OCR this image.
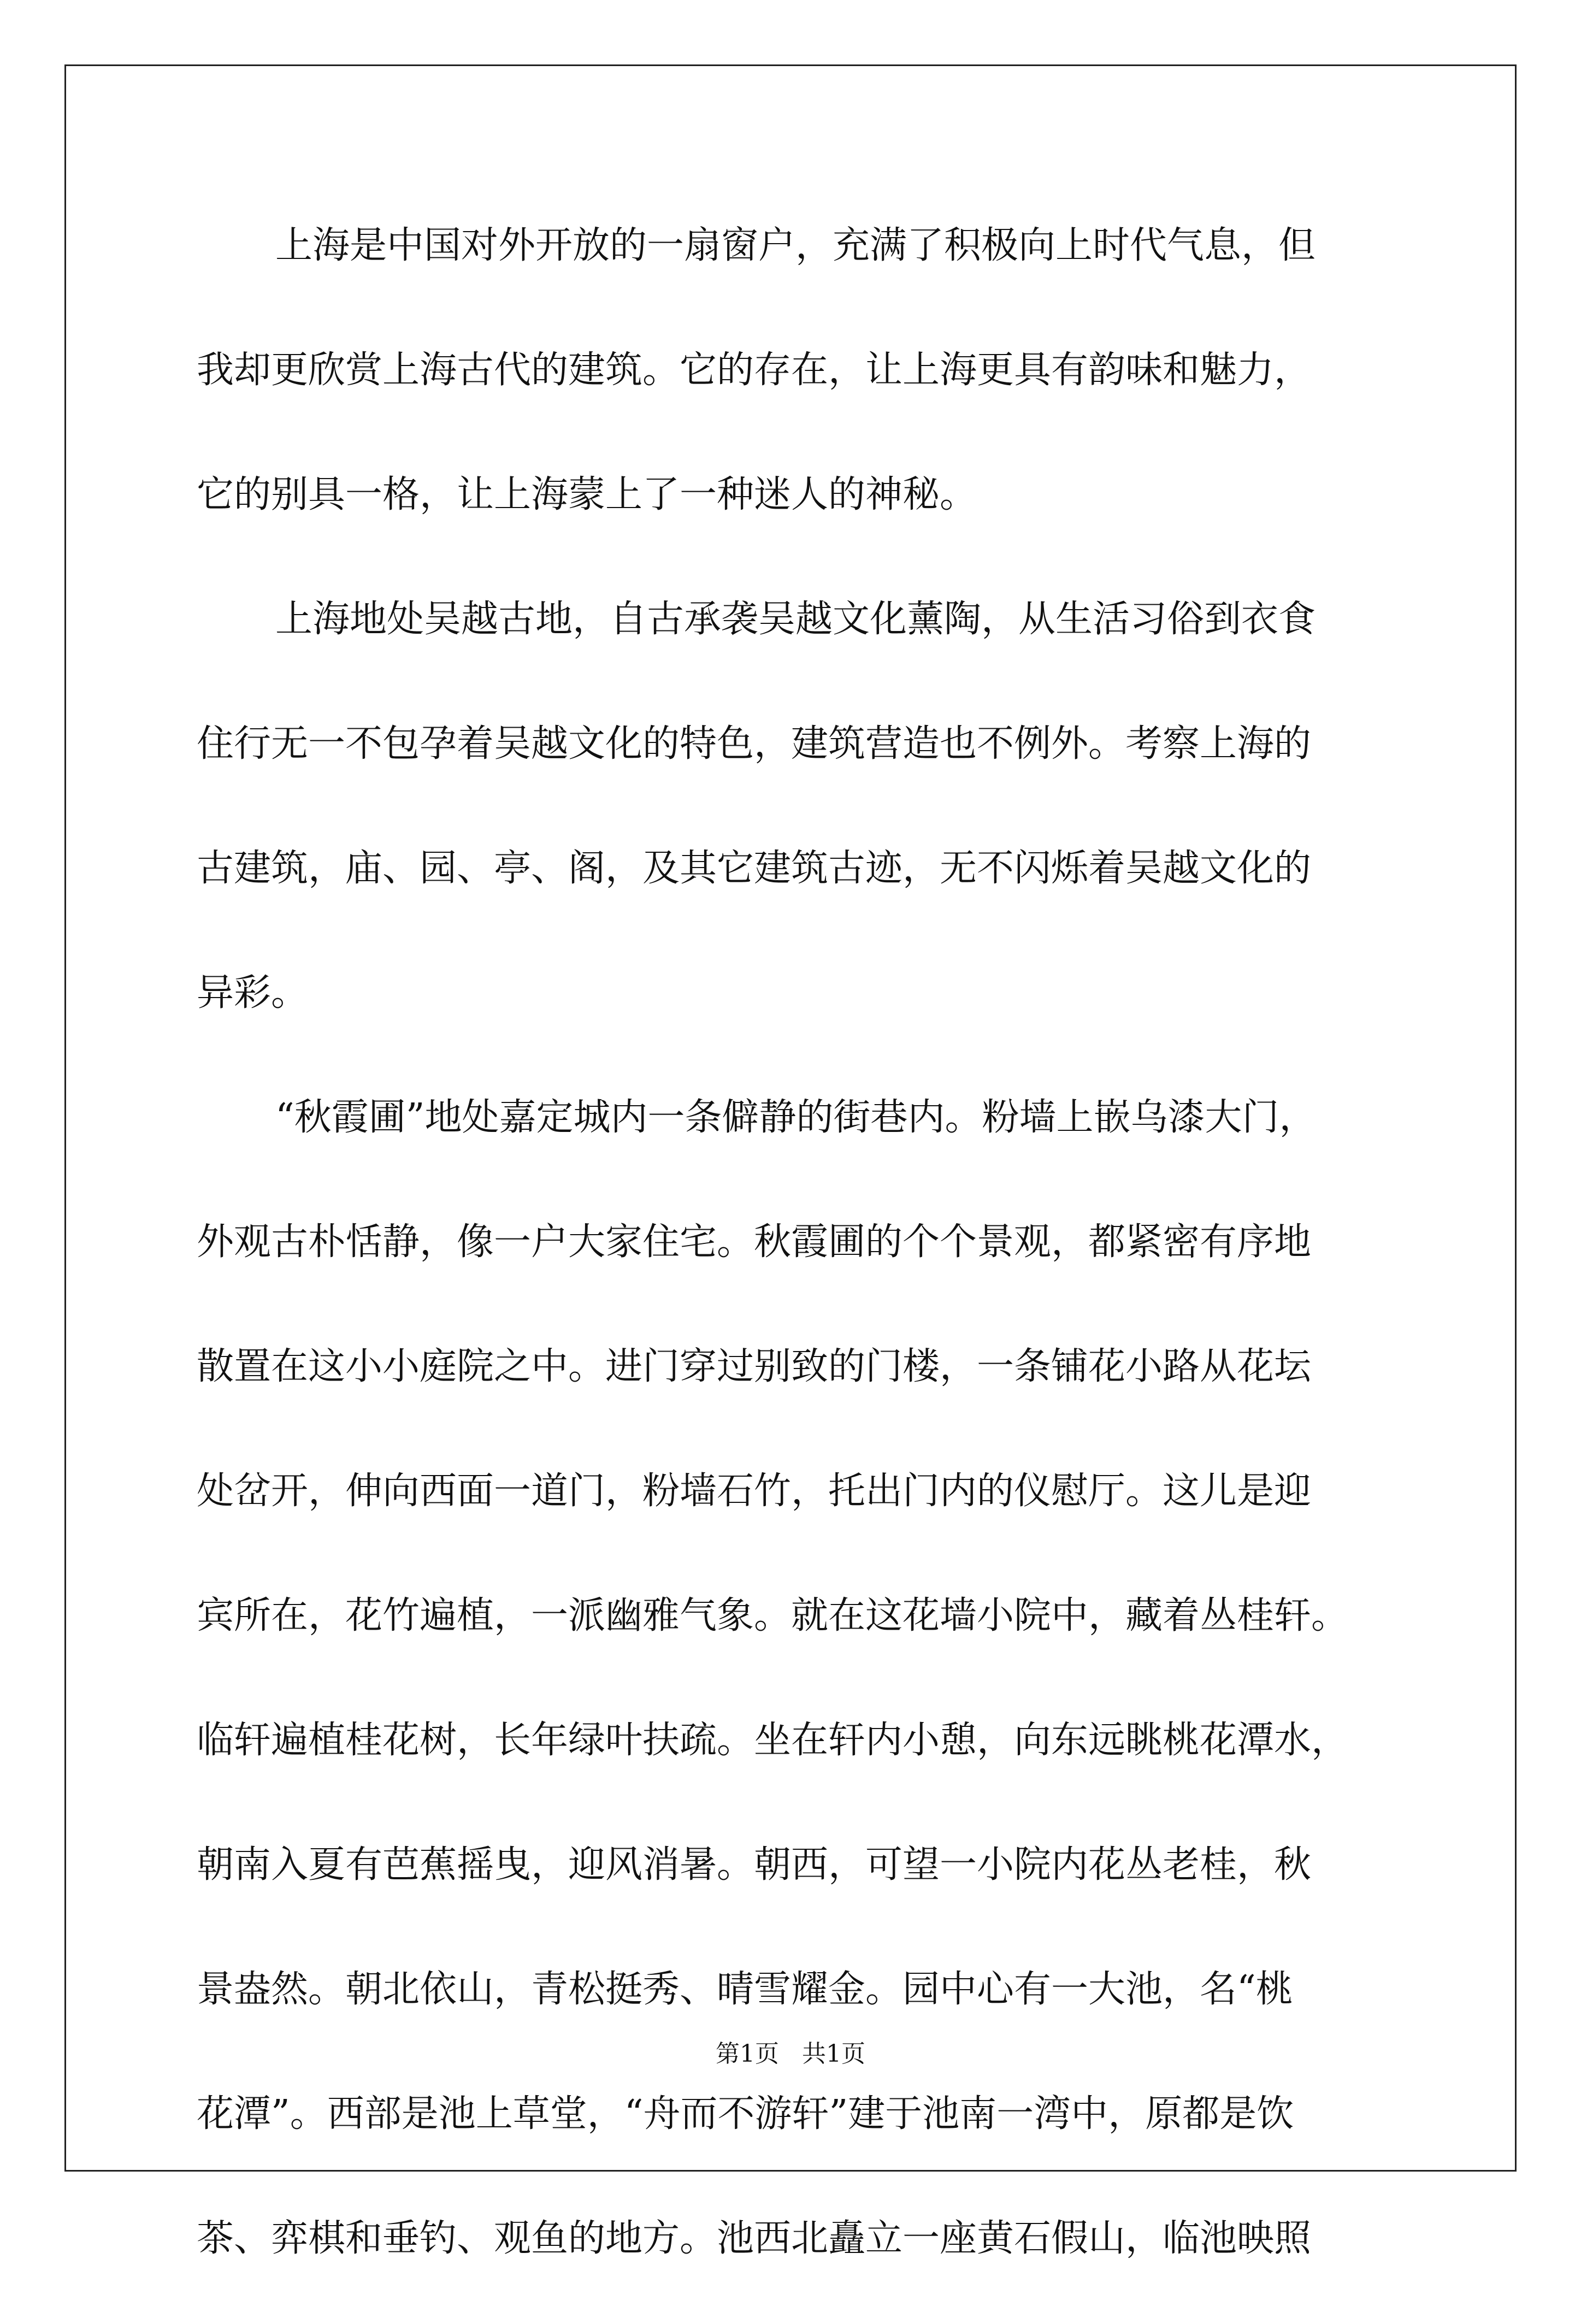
上海是中国对外开放的一扇窗户，充满了积极向上时代气息，但
我却更欣赏上海古代的建筑。它的存在，让上海更具有韵味和魅力，
它的别具一格，让上海蒙上了一种迷人的神秘。
上海地处吴越古地，自古承袭吴越文化薰陶，从生活习俗到衣食
住行无一不包孕着吴越文化的特色，建筑营造也不例外。考察上海的
古建筑，庙、园、亭、阁，及其它建筑古迹，无不闪烁着吴越文化的
异彩。
“秋霞圃”地处嘉定城内一条僻静的街巷内。粉墙上嵌乌漆大门，
外观古朴恬静，像一户大家住宅。秋霞圃的个个景观，都紧密有序地
散置在这小小庭院之中。进门穿过别致的门楼，一条铺花小路从花坛
处岔开，伸向西面一道门，粉墙石竹，托出门内的仪慰厅。这儿是迎
宾所在，花竹遍植，一派幽雅气象。就在这花墙小院中，藏着丛桂轩。
临轩遍植桂花树，长年绿叶扶疏。坐在轩内小憩，向东远眺桃花潭水，
朝南入夏有芭蕉摇曳，迎风消暑。朝西，可望一小院内花丛老桂，秋
景盎然。朝北依山，青松挺秀、晴雪耀金。园中心有一大池，名“桃
花潭”。西部是池上草堂，“舟而不游轩”建于池南一湾中，原都是饮
茶、弈棋和垂钓、观鱼的地方。池西北矗立一座黄石假山，临池映照
第1页   共1页
